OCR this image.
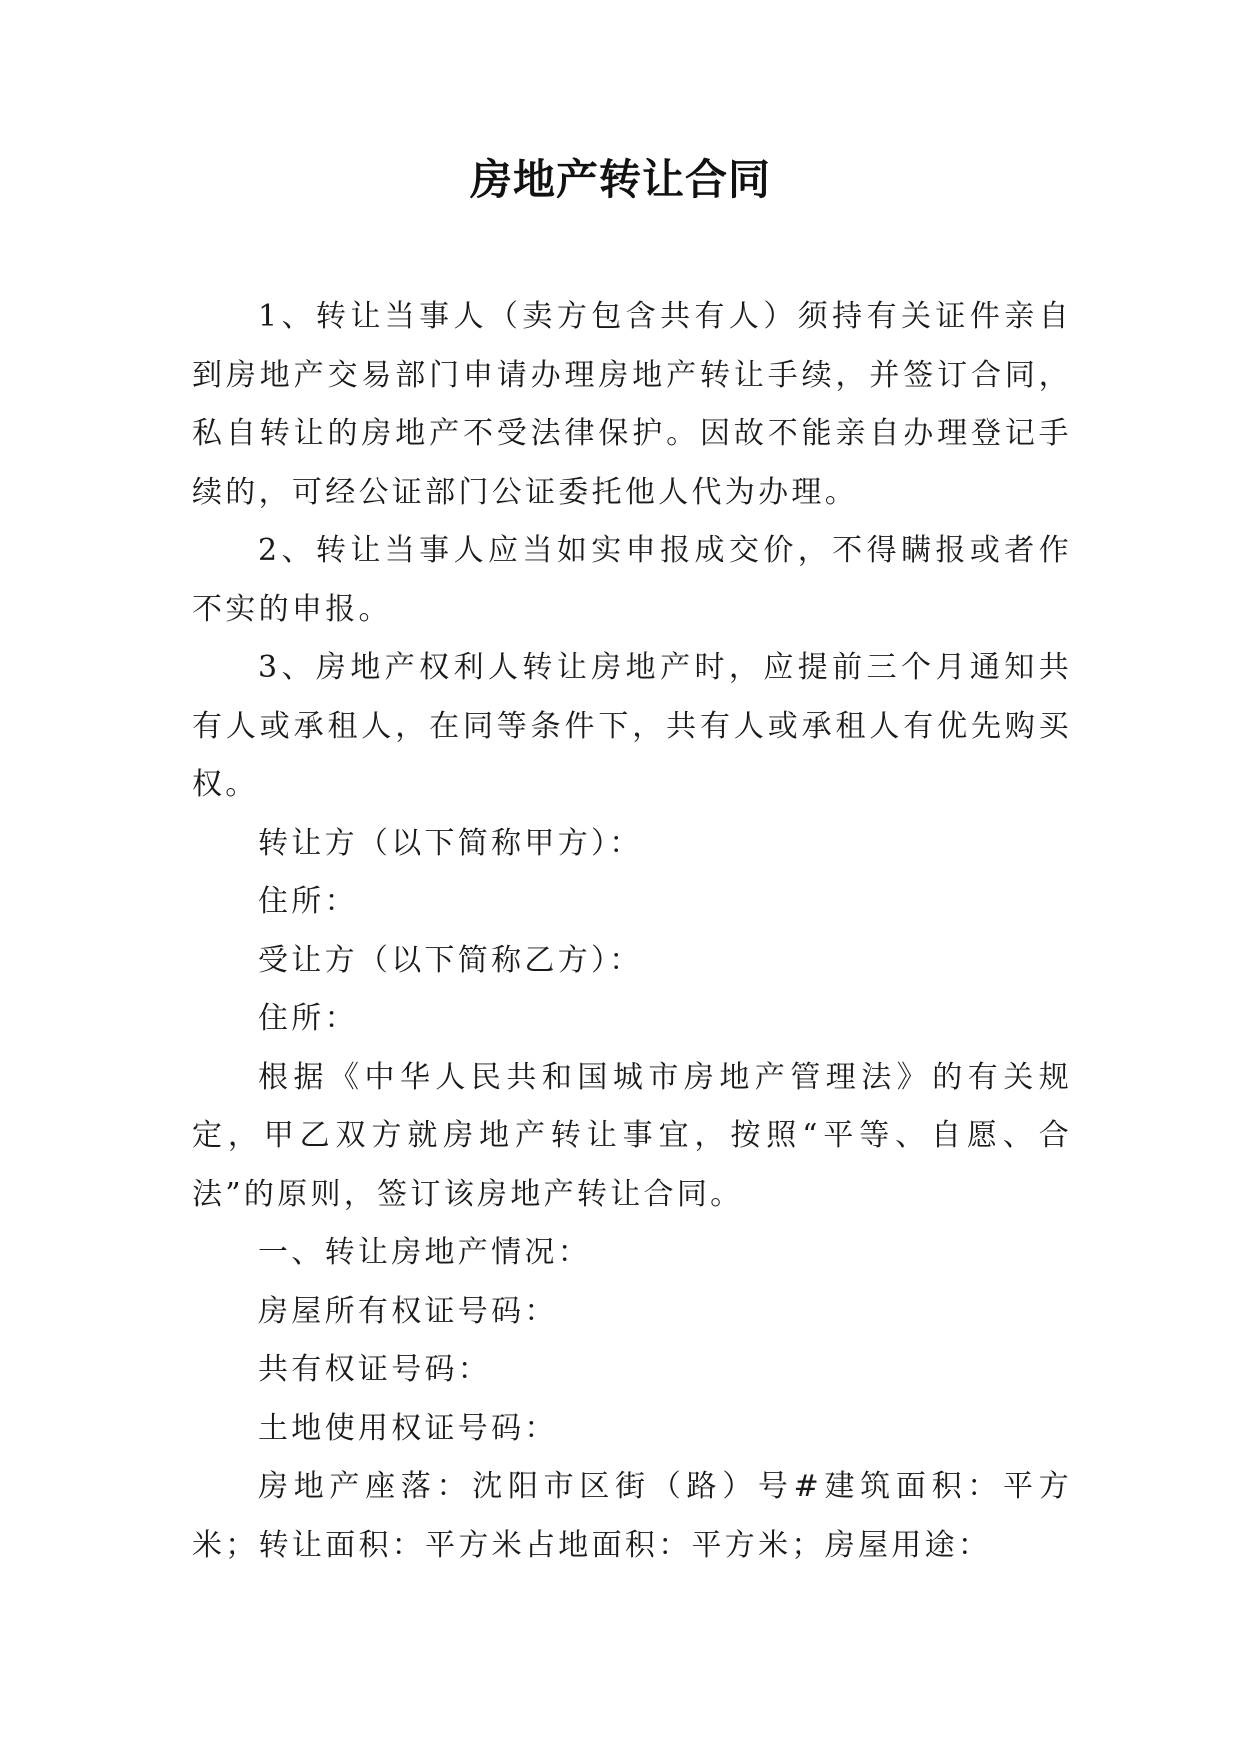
房地产转让合同

1、转让当事人（卖方包含共有人）须持有关证件亲自到房地产交易部门申请办理房地产转让手续，并签订合同，私自转让的房地产不受法律保护。因故不能亲自办理登记手续的，可经公证部门公证委托他人代为办理。

2、转让当事人应当如实申报成交价，不得瞒报或者作不实的申报。

3、房地产权利人转让房地产时，应提前三个月通知共有人或承租人，在同等条件下，共有人或承租人有优先购买权。

转让方（以下简称甲方）：

住所：

受让方（以下简称乙方）：

住所：

根据《中华人民共和国城市房地产管理法》的有关规定，甲乙双方就房地产转让事宜，按照“平等、自愿、合法”的原则，签订该房地产转让合同。

一、转让房地产情况：

房屋所有权证号码：

共有权证号码：

土地使用权证号码：

房地产座落：沈阳市区街（路）号#建筑面积：平方米；转让面积：平方米占地面积：平方米；房屋用途：
